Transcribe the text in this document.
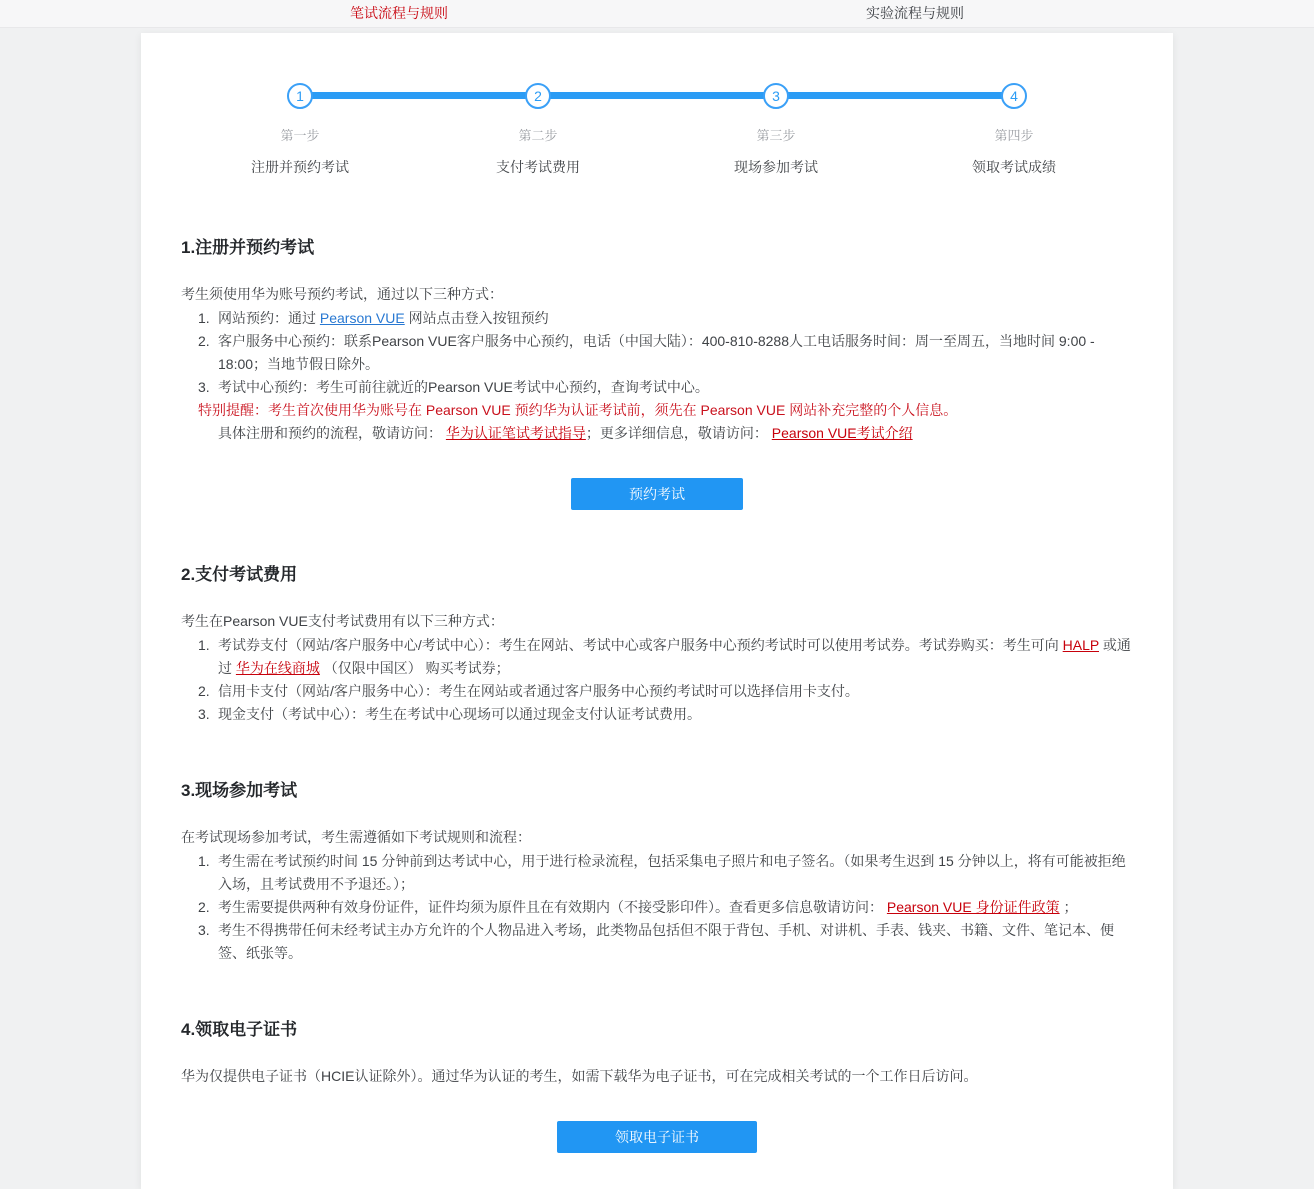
笔试流程与规则	实验流程与规则
1	2	3	4
第一步	第二步	第三步	第四步
注册并预约考试	支付考试费用	现场参加考试	领取考试成绩
1.注册并预约考试

考生须使用华为账号预约考试，通过以下三种方式：

网站预约：通过 Pearson VUE 网站点击登入按钮预约
客户服务中心预约：联系Pearson VUE客户服务中心预约，电话（中国大陆）：400-810-8288人工电话服务时间：周一至周五，当地时间 9:00 - 18:00；当地节假日除外。
考试中心预约：考生可前往就近的Pearson VUE考试中心预约，查询考试中心。
特别提醒：考生首次使用华为账号在 Pearson VUE 预约华为认证考试前，须先在 Pearson VUE 网站补充完整的个人信息。
具体注册和预约的流程，敬请访问： 华为认证笔试考试指导；更多详细信息，敬请访问： Pearson VUE考试介绍
预约考试
2.支付考试费用

考生在Pearson VUE支付考试费用有以下三种方式：

考试券支付（网站/客户服务中心/考试中心）：考生在网站、考试中心或客户服务中心预约考试时可以使用考试券。考试券购买：考生可向 HALP 或通过 华为在线商城 （仅限中国区） 购买考试券；
信用卡支付（网站/客户服务中心）：考生在网站或者通过客户服务中心预约考试时可以选择信用卡支付。
现金支付（考试中心）：考生在考试中心现场可以通过现金支付认证考试费用。
3.现场参加考试

在考试现场参加考试，考生需遵循如下考试规则和流程：

考生需在考试预约时间 15 分钟前到达考试中心，用于进行检录流程，包括采集电子照片和电子签名。（如果考生迟到 15 分钟以上，将有可能被拒绝入场，且考试费用不予退还。）；
考生需要提供两种有效身份证件，证件均须为原件且在有效期内（不接受影印件）。查看更多信息敬请访问： Pearson VUE 身份证件政策 ；
考生不得携带任何未经考试主办方允许的个人物品进入考场，此类物品包括但不限于背包、手机、对讲机、手表、钱夹、书籍、文件、笔记本、便签、纸张等。
4.领取电子证书

华为仅提供电子证书（HCIE认证除外）。通过华为认证的考生，如需下载华为电子证书，可在完成相关考试的一个工作日后访问。

领取电子证书
